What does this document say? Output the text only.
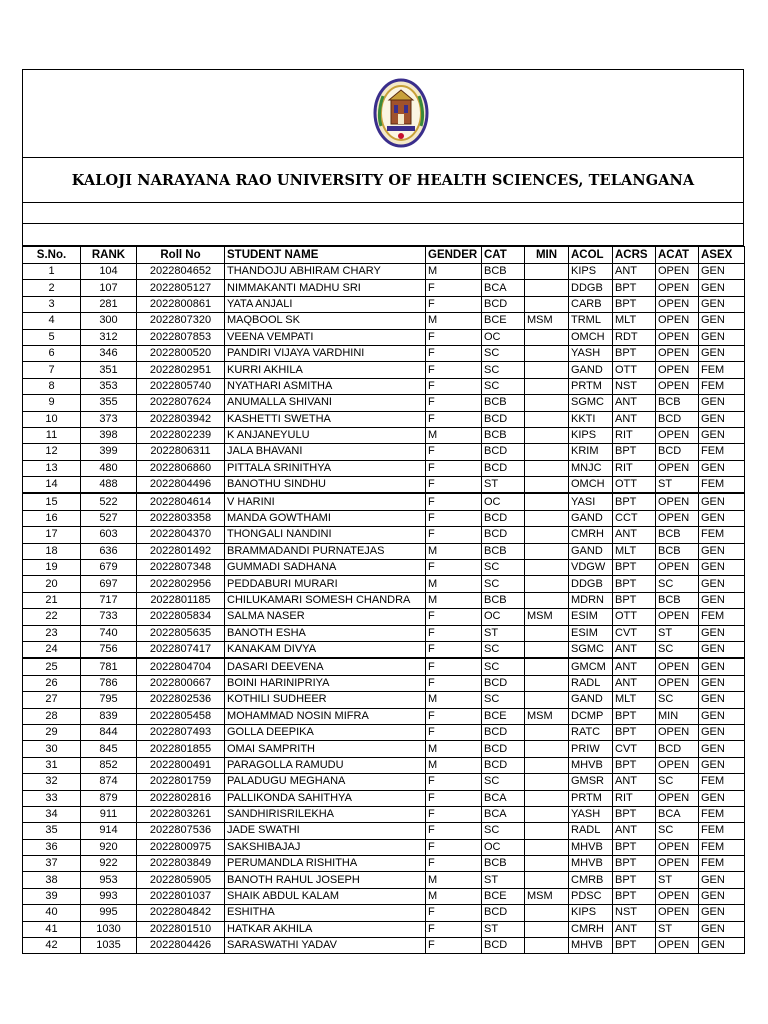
KALOJI NARAYANA RAO UNIVERSITY OF HEALTH SCIENCES, TELANGANA
S.No.	RANK	Roll No	STUDENT NAME	GENDER	CAT	MIN	ACOL	ACRS	ACAT	ASEX
1	104	2022804652	THANDOJU ABHIRAM CHARY	M	BCB		KIPS	ANT	OPEN	GEN
2	107	2022805127	NIMMAKANTI MADHU SRI	F	BCA		DDGB	BPT	OPEN	GEN
3	281	2022800861	YATA ANJALI	F	BCD		CARB	BPT	OPEN	GEN
4	300	2022807320	MAQBOOL SK	M	BCE	MSM	TRML	MLT	OPEN	GEN
5	312	2022807853	VEENA VEMPATI	F	OC		OMCH	RDT	OPEN	GEN
6	346	2022800520	PANDIRI VIJAYA VARDHINI	F	SC		YASH	BPT	OPEN	GEN
7	351	2022802951	KURRI AKHILA	F	SC		GAND	OTT	OPEN	FEM
8	353	2022805740	NYATHARI ASMITHA	F	SC		PRTM	NST	OPEN	FEM
9	355	2022807624	ANUMALLA SHIVANI	F	BCB		SGMC	ANT	BCB	GEN
10	373	2022803942	KASHETTI SWETHA	F	BCD		KKTI	ANT	BCD	GEN
11	398	2022802239	K ANJANEYULU	M	BCB		KIPS	RIT	OPEN	GEN
12	399	2022806311	JALA BHAVANI	F	BCD		KRIM	BPT	BCD	FEM
13	480	2022806860	PITTALA SRINITHYA	F	BCD		MNJC	RIT	OPEN	GEN
14	488	2022804496	BANOTHU SINDHU	F	ST		OMCH	OTT	ST	FEM
15	522	2022804614	V HARINI	F	OC		YASI	BPT	OPEN	GEN
16	527	2022803358	MANDA GOWTHAMI	F	BCD		GAND	CCT	OPEN	GEN
17	603	2022804370	THONGALI NANDINI	F	BCD		CMRH	ANT	BCB	FEM
18	636	2022801492	BRAMMADANDI PURNATEJAS	M	BCB		GAND	MLT	BCB	GEN
19	679	2022807348	GUMMADI SADHANA	F	SC		VDGW	BPT	OPEN	GEN
20	697	2022802956	PEDDABURI MURARI	M	SC		DDGB	BPT	SC	GEN
21	717	2022801185	CHILUKAMARI SOMESH CHANDRA	M	BCB		MDRN	BPT	BCB	GEN
22	733	2022805834	SALMA NASER	F	OC	MSM	ESIM	OTT	OPEN	FEM
23	740	2022805635	BANOTH ESHA	F	ST		ESIM	CVT	ST	GEN
24	756	2022807417	KANAKAM DIVYA	F	SC		SGMC	ANT	SC	GEN
25	781	2022804704	DASARI DEEVENA	F	SC		GMCM	ANT	OPEN	GEN
26	786	2022800667	BOINI HARINIPRIYA	F	BCD		RADL	ANT	OPEN	GEN
27	795	2022802536	KOTHILI SUDHEER	M	SC		GAND	MLT	SC	GEN
28	839	2022805458	MOHAMMAD NOSIN MIFRA	F	BCE	MSM	DCMP	BPT	MIN	GEN
29	844	2022807493	GOLLA DEEPIKA	F	BCD		RATC	BPT	OPEN	GEN
30	845	2022801855	OMAI SAMPRITH	M	BCD		PRIW	CVT	BCD	GEN
31	852	2022800491	PARAGOLLA RAMUDU	M	BCD		MHVB	BPT	OPEN	GEN
32	874	2022801759	PALADUGU MEGHANA	F	SC		GMSR	ANT	SC	FEM
33	879	2022802816	PALLIKONDA SAHITHYA	F	BCA		PRTM	RIT	OPEN	GEN
34	911	2022803261	SANDHIRISRILEKHA	F	BCA		YASH	BPT	BCA	FEM
35	914	2022807536	JADE SWATHI	F	SC		RADL	ANT	SC	FEM
36	920	2022800975	SAKSHIBAJAJ	F	OC		MHVB	BPT	OPEN	FEM
37	922	2022803849	PERUMANDLA RISHITHA	F	BCB		MHVB	BPT	OPEN	FEM
38	953	2022805905	BANOTH RAHUL JOSEPH	M	ST		CMRB	BPT	ST	GEN
39	993	2022801037	SHAIK ABDUL KALAM	M	BCE	MSM	PDSC	BPT	OPEN	GEN
40	995	2022804842	ESHITHA	F	BCD		KIPS	NST	OPEN	GEN
41	1030	2022801510	HATKAR AKHILA	F	ST		CMRH	ANT	ST	GEN
42	1035	2022804426	SARASWATHI YADAV	F	BCD		MHVB	BPT	OPEN	GEN
